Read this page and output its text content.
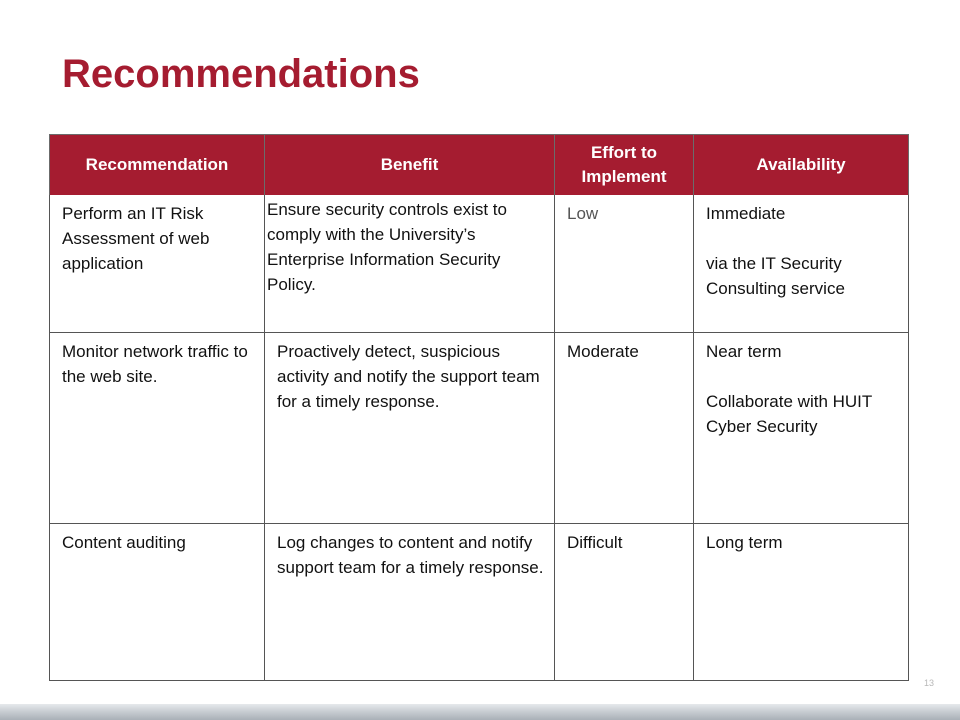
Recommendations
Recommendation	Benefit	Effort to Implement	Availability
Perform an IT Risk Assessment of web application	Ensure security controls exist to comply with the University’s Enterprise Information Security Policy.	Low	Immediate
via the IT Security Consulting service

Monitor network traffic to the web site.	Proactively detect, suspicious activity and notify the support team for a timely response.	Moderate	Near term
Collaborate with HUIT Cyber Security

Content auditing	Log changes to content and notify support team for a timely response.	Difficult	Long term
13
